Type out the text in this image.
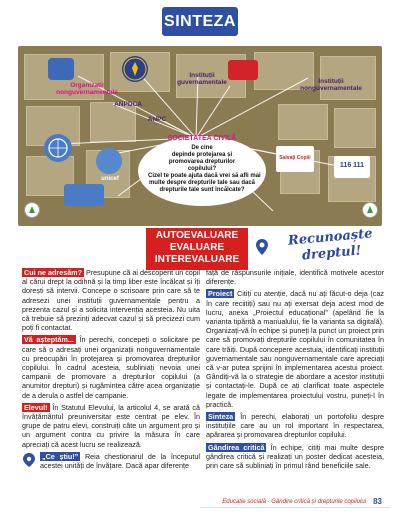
SINTEZA
Organizații
nonguvernamentale
Instituții
guvernamentale	Instituții
nonguvernamentale
ANPDCA
ANPC
unicef
Salvați Copiii
116 111
SOCIETATEA CIVILĂ
De cine
depinde protejarea și
promovarea drepturilor
copilului?
Cizel te poate ajuta dacă vrei să afli mai
multe despre drepturile tale sau dacă
drepturile tale sunt încălcate?
AUTOEVALUARE
EVALUARE
INTEREVALUARE
Recunoaște
dreptul!

Cui ne adresăm? Presupune că ai descoperit un copil al cărui drept la odihnă și la timp liber este încălcat și îți dorești să intervii. Concepe o scrisoare prin care să te adresezi unei instituții guvernamentale pentru a prezenta cazul și a solicita intervenția acesteia. Nu uita că trebuie să prezinți adecvat cazul și să precizezi cum poți fi contactat.

Vă așteptăm... În perechi, concepeți o solicitare pe care să o adresați unei organizații nonguvernamentale cu preocupări în protejarea și promovarea drepturilor copilului. În cadrul acesteia, subliniați nevoia unei campanii de promovare a drepturilor copilului (a anumitor drepturi) și rugămintea către acea organizație de a derula o astfel de campanie.

Elevul! În Statutul Elevului, la articolul 4, se arată că învățământul preuniversitar este centrat pe elev. În grupe de patru elevi, construiți câte un argument pro și un argument contra cu privire la măsura în care apreciați că acest lucru se realizează.

„Ce știu!” Reia chestionarul de la începutul acestei unități de învățare. Dacă apar diferențe

față de răspunsurile inițiale, identifică motivele acestor diferențe.

Proiect Citiți cu atenție, dacă nu ați făcut-o deja (caz în care reciitiți) sau nu ați exersat deja acest mod de lucru, anexa „Proiectul educațional” (apelând fie la varianta tipărită a manualului, fie la varianta sa digitală). Organizați-vă în echipe și puneți la punct un proiect prin care să promovați drepturile copilului în comunitatea în care trăiți. După concepere acestuia, identificați instituții guvernamentale sau nonguvernamentale care apreciați că v-ar putea sprijini în implementarea acestui proiect. Gândiți-vă la o strategie de abordare a acestor instituții și contactați-le. După ce ați clarificat toate aspectele legate de implementarea proiectului vostru, puneți-l în practică.

Sinteza În perechi, elaborați un portofoliu despre instituțiile care au un rol important în respectarea, apărarea și promovarea drepturilor copilului.

Gândirea critică În echipe, citiți mai multe despre gândirea critică și realizați un poster dedicat acesteia, prin care să subliniați în primul rând beneficiile sale.

Educație socială · Gândire critică și drepturile copilului 83
